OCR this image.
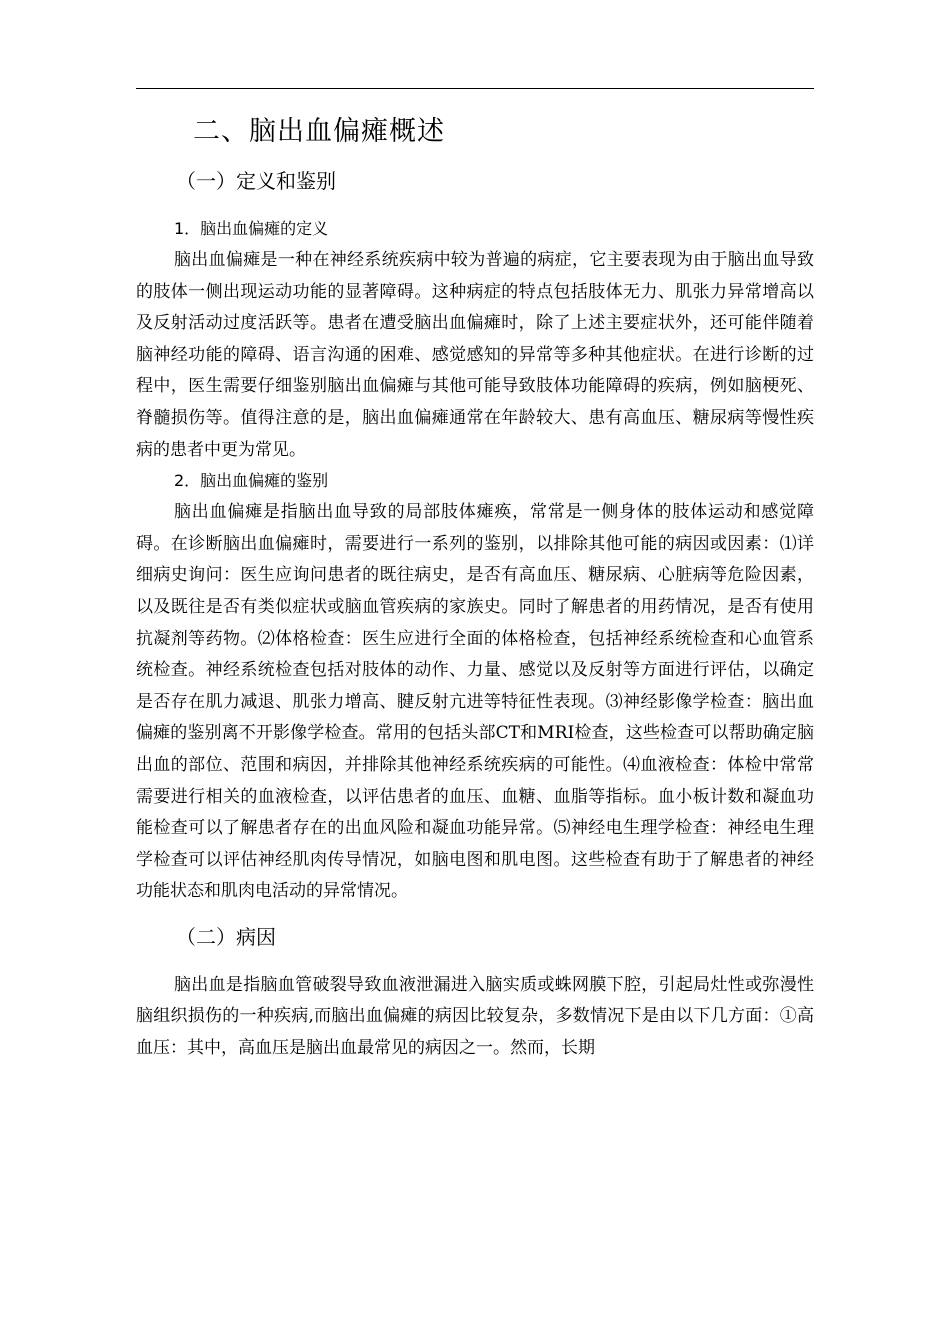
二、脑出血偏瘫概述
（一）定义和鉴别
1．脑出血偏瘫的定义

脑出血偏瘫是一种在神经系统疾病中较为普遍的病症，它主要表现为由于脑出血导致的肢体一侧出现运动功能的显著障碍。这种病症的特点包括肢体无力、肌张力异常增高以及反射活动过度活跃等。患者在遭受脑出血偏瘫时，除了上述主要症状外，还可能伴随着脑神经功能的障碍、语言沟通的困难、感觉感知的异常等多种其他症状。在进行诊断的过程中，医生需要仔细鉴别脑出血偏瘫与其他可能导致肢体功能障碍的疾病，例如脑梗死、脊髓损伤等。值得注意的是，脑出血偏瘫通常在年龄较大、患有高血压、糖尿病等慢性疾病的患者中更为常见。

2．脑出血偏瘫的鉴别

脑出血偏瘫是指脑出血导致的局部肢体瘫痪，常常是一侧身体的肢体运动和感觉障碍。在诊断脑出血偏瘫时，需要进行一系列的鉴别，以排除其他可能的病因或因素：⑴详细病史询问：医生应询问患者的既往病史，是否有高血压、糖尿病、心脏病等危险因素，以及既往是否有类似症状或脑血管疾病的家族史。同时了解患者的用药情况，是否有使用抗凝剂等药物。⑵体格检查：医生应进行全面的体格检查，包括神经系统检查和心血管系统检查。神经系统检查包括对肢体的动作、力量、感觉以及反射等方面进行评估，以确定是否存在肌力减退、肌张力增高、腱反射亢进等特征性表现。⑶神经影像学检查：脑出血偏瘫的鉴别离不开影像学检查。常用的包括头部CT和MRI检查，这些检查可以帮助确定脑出血的部位、范围和病因，并排除其他神经系统疾病的可能性。⑷血液检查：体检中常常需要进行相关的血液检查，以评估患者的血压、血糖、血脂等指标。血小板计数和凝血功能检查可以了解患者存在的出血风险和凝血功能异常。⑸神经电生理学检查：神经电生理学检查可以评估神经肌肉传导情况，如脑电图和肌电图。这些检查有助于了解患者的神经功能状态和肌肉电活动的异常情况。

（二）病因

脑出血是指脑血管破裂导致血液泄漏进入脑实质或蛛网膜下腔，引起局灶性或弥漫性脑组织损伤的一种疾病,而脑出血偏瘫的病因比较复杂，多数情况下是由以下几方面：①高血压：其中，高血压是脑出血最常见的病因之一。然而，长期
